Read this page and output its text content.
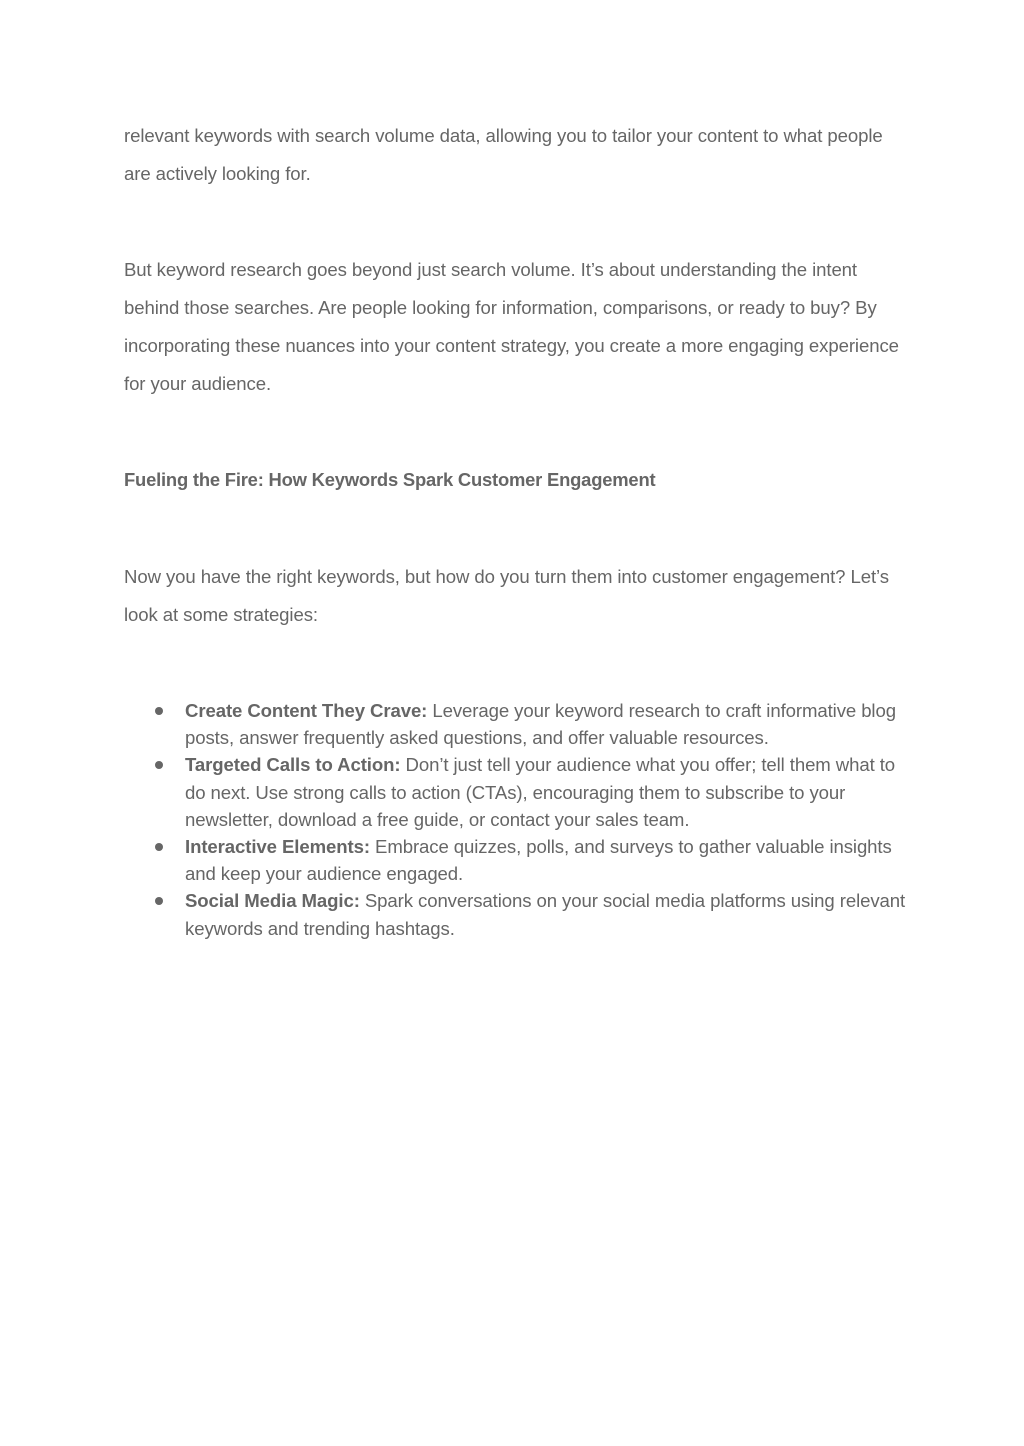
relevant keywords with search volume data, allowing you to tailor your content to what people are actively looking for.

But keyword research goes beyond just search volume. It’s about understanding the intent behind those searches. Are people looking for information, comparisons, or ready to buy? By incorporating these nuances into your content strategy, you create a more engaging experience for your audience.

Fueling the Fire: How Keywords Spark Customer Engagement

Now you have the right keywords, but how do you turn them into customer engagement? Let’s look at some strategies:

Create Content They Crave: Leverage your keyword research to craft informative blog posts, answer frequently asked questions, and offer valuable resources.
Targeted Calls to Action: Don’t just tell your audience what you offer; tell them what to do next. Use strong calls to action (CTAs), encouraging them to subscribe to your newsletter, download a free guide, or contact your sales team.
Interactive Elements: Embrace quizzes, polls, and surveys to gather valuable insights and keep your audience engaged.
Social Media Magic: Spark conversations on your social media platforms using relevant keywords and trending hashtags.
